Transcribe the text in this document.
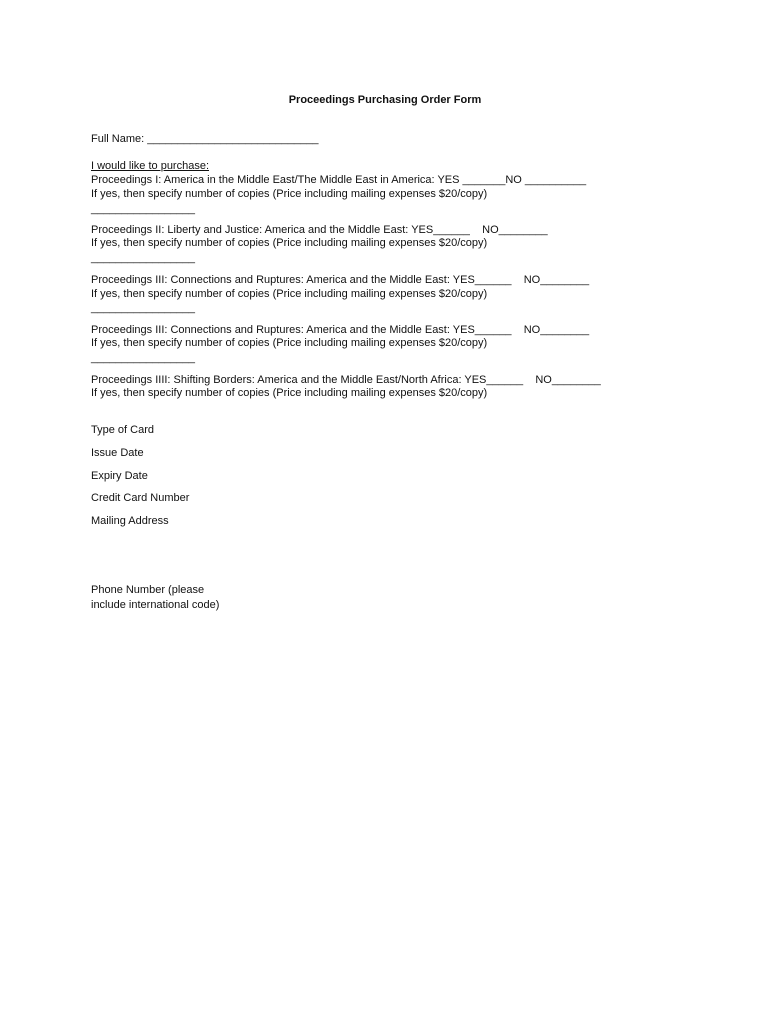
Proceedings Purchasing Order Form
Full Name: ____________________________
I would like to purchase:
Proceedings I: America in the Middle East/The Middle East in America: YES _______NO __________
If yes, then specify number of copies (Price including mailing expenses $20/copy)
_________________
Proceedings II: Liberty and Justice: America and the Middle East: YES______    NO________
If yes, then specify number of copies (Price including mailing expenses $20/copy)
_________________
Proceedings III: Connections and Ruptures: America and the Middle East: YES______    NO________
If yes, then specify number of copies (Price including mailing expenses $20/copy)
_________________
Proceedings III: Connections and Ruptures: America and the Middle East: YES______    NO________
If yes, then specify number of copies (Price including mailing expenses $20/copy)
_________________
Proceedings IIII: Shifting Borders: America and the Middle East/North Africa: YES______    NO________
If yes, then specify number of copies (Price including mailing expenses $20/copy)
Type of Card
Issue Date
Expiry Date
Credit Card Number
Mailing Address
Phone Number (please
include international code)
